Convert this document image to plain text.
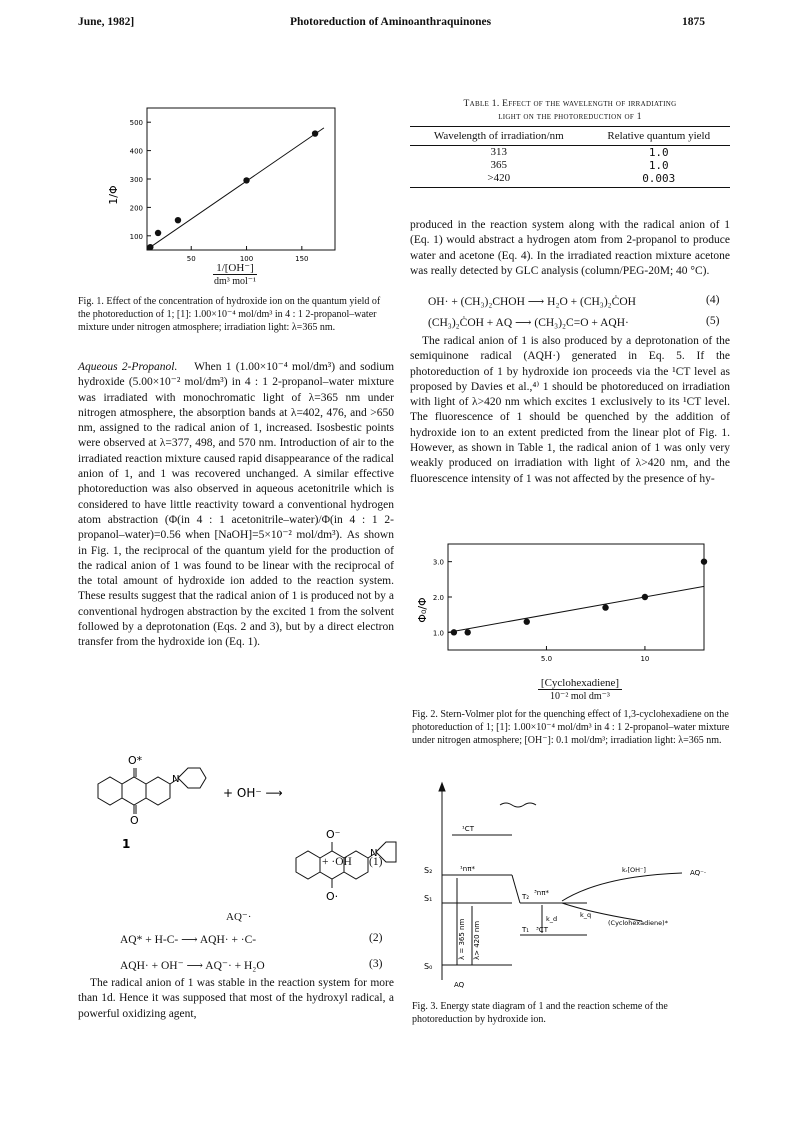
June, 1982]	Photoreduction of Aminoanthraquinones	1875
100
200
300
400
500
50	100	150
1/Φ
1/[OH⁻]
dm³ mol⁻¹

Fig. 1. Effect of the concentration of hydroxide ion on the quantum yield of the photoreduction of 1; [1]: 1.00×10⁻⁴ mol/dm³ in 4 : 1 2-propanol–water mixture under nitrogen atmosphere; irradiation light: λ=365 nm.

Aqueous 2-Propanol. When 1 (1.00×10⁻⁴ mol/dm³) and sodium hydroxide (5.00×10⁻² mol/dm³) in 4 : 1 2-propanol–water mixture was irradiated with monochromatic light of λ=365 nm under nitrogen atmosphere, the absorption bands at λ=402, 476, and >650 nm, assigned to the radical anion of 1, increased. Isosbestic points were observed at λ=377, 498, and 570 nm. Introduction of air to the irradiated reaction mixture caused rapid disappearance of the radical anion of 1, and 1 was recovered unchanged. A similar effective photoreduction was also observed in aqueous acetonitrile which is considered to have little reactivity toward a conventional hydrogen atom abstraction (Φ(in 4 : 1 acetonitrile–water)/Φ(in 4 : 1 2-propanol–water)=0.56 when [NaOH]=5×10⁻² mol/dm³). As shown in Fig. 1, the reciprocal of the quantum yield for the production of the radical anion of 1 was found to be linear with the reciprocal of the total amount of hydroxide ion added to the reaction system. These results suggest that the radical anion of 1 is produced not by a conventional hydrogen abstraction by the excited 1 from the solvent followed by a deprotonation (Eqs. 2 and 3), but by a direct electron transfer from the hydroxide ion (Eq. 1).

O*
N
O
1
+ OH⁻ ⟶
O⁻
N
O·
+ ·OH (1)
AQ⁻·
AQ* + H-C- ⟶ AQH· + ·C-	(2)
AQH· + OH⁻ ⟶ AQ⁻· + H₂O	(3)

The radical anion of 1 was stable in the reaction system for more than 1d. Hence it was supposed that most of the hydroxyl radical, a powerful oxidizing agent,

Table 1. Effect of the wavelength of irradiating
light on the photoreduction of 1
Wavelength of irradiation/nm	Relative quantum yield
313	1.0
365	1.0
>420	0.003

produced in the reaction system along with the radical anion of 1 (Eq. 1) would abstract a hydrogen atom from 2-propanol to produce water and acetone (Eq. 4). In the irradiated reaction mixture acetone was really detected by GLC analysis (column/PEG-20M; 40 °C).

OH· + (CH₃)₂CHOH ⟶ H₂O + (CH₃)₂ĊOH	(4)
(CH₃)₂ĊOH + AQ ⟶ (CH₃)₂C=O + AQH·	(5)

The radical anion of 1 is also produced by a deprotonation of the semiquinone radical (AQH·) generated in Eq. 5. If the photoreduction of 1 by hydroxide ion proceeds via the ¹CT level as proposed by Davies et al.,⁴⁾ 1 should be photoreduced on irradiation with light of λ>420 nm which excites 1 exclusively to its ¹CT level. The fluorescence of 1 should be quenched by the addition of hydroxide ion to an extent predicted from the linear plot of Fig. 1. However, as shown in Table 1, the radical anion of 1 was only very weakly produced on irradiation with light of λ>420 nm, and the fluorescence intensity of 1 was not affected by the presence of hy-

1.0
2.0
3.0
5.0	10
Φ₀/Φ
[Cyclohexadiene]
10⁻² mol dm⁻³

Fig. 2. Stern-Volmer plot for the quenching effect of 1,3-cyclohexadiene on the photoreduction of 1; [1]: 1.00×10⁻⁴ mol/dm³ in 4 : 1 2-propanol–water mixture under nitrogen atmosphere; [OH⁻]: 0.1 mol/dm³; irradiation light: λ=365 nm.

S₂
S₁
S₀
¹nπ*
¹CT
T₂ ³nπ*
T₁ ³CT
kᵣ[OH⁻]
k_q
k_d	(Cyclohexadiene)*
AQ
AQ⁻·
λ = 365 nm λ> 420 nm

Fig. 3. Energy state diagram of 1 and the reaction scheme of the photoreduction by hydroxide ion.
